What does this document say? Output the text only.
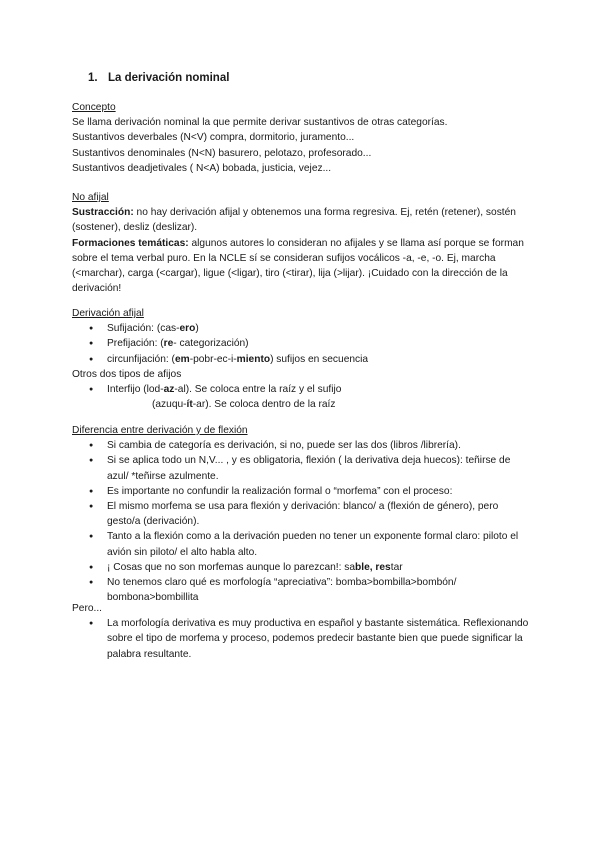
1. La derivación nominal
Concepto
Se llama derivación nominal la que permite derivar sustantivos de otras categorías.
Sustantivos deverbales (N<V) compra, dormitorio, juramento...
Sustantivos denominales (N<N) basurero, pelotazo, profesorado...
Sustantivos deadjetivales ( N<A) bobada, justicia, vejez...
No afijal
Sustracción: no hay derivación afijal y obtenemos una forma regresiva. Ej, retén (retener), sostén (sostener), desliz (deslizar).
Formaciones temáticas: algunos autores lo consideran no afijales y se llama así porque se forman sobre el tema verbal puro. En la NCLE sí se consideran sufijos vocálicos -a, -e, -o. Ej, marcha (<marchar), carga (<cargar), ligue (<ligar), tiro (<tirar), lija (>lijar). ¡Cuidado con la dirección de la derivación!
Derivación afijal
● Sufijación: (cas-ero)
● Prefijación: (re- categorización)
● circunfijación: (em-pobr-ec-i-miento) sufijos en secuencia
Otros dos tipos de afijos
● Interfijo (lod-az-al). Se coloca entre la raíz y el sufijo
(azuqu-ít-ar). Se coloca dentro de la raíz
Diferencia entre derivación y de flexión
● Si cambia de categoría es derivación, si no, puede ser las dos (libros /librería).
● Si se aplica todo un N,V... , y es obligatoria, flexión ( la derivativa deja huecos): teñirse de azul/ *teñirse azulmente.
● Es importante no confundir la realización formal o “morfema” con el proceso:
● El mismo morfema se usa para flexión y derivación: blanco/ a (flexión de género), pero gesto/a (derivación).
● Tanto a la flexión como a la derivación pueden no tener un exponente formal claro: piloto el avión sin piloto/ el alto habla alto.
● ¡ Cosas que no son morfemas aunque lo parezcan!: sable, restar
● No tenemos claro qué es morfología “apreciativa”: bomba>bombilla>bombón/ bombona>bombillita
Pero...
● La morfología derivativa es muy productiva en español y bastante sistemática. Reflexionando sobre el tipo de morfema y proceso, podemos predecir bastante bien que puede significar la palabra resultante.
